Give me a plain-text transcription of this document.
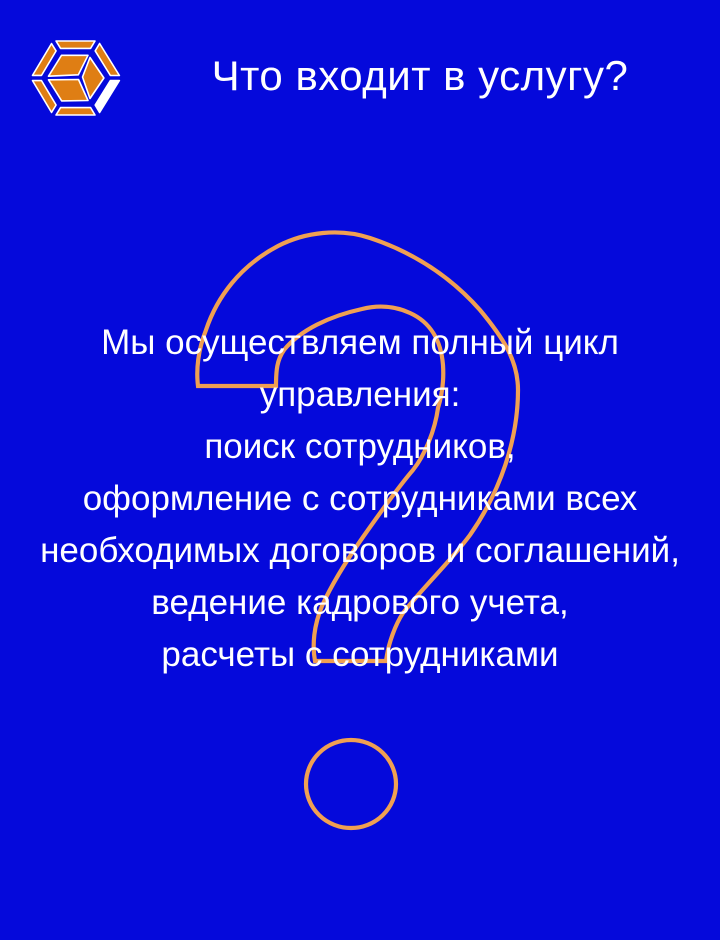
Что входит в услугу?
Мы осуществляем полный цикл
управления:
поиск сотрудников,
оформление с сотрудниками всех
необходимых договоров и соглашений,
ведение кадрового учета,
расчеты с сотрудниками
